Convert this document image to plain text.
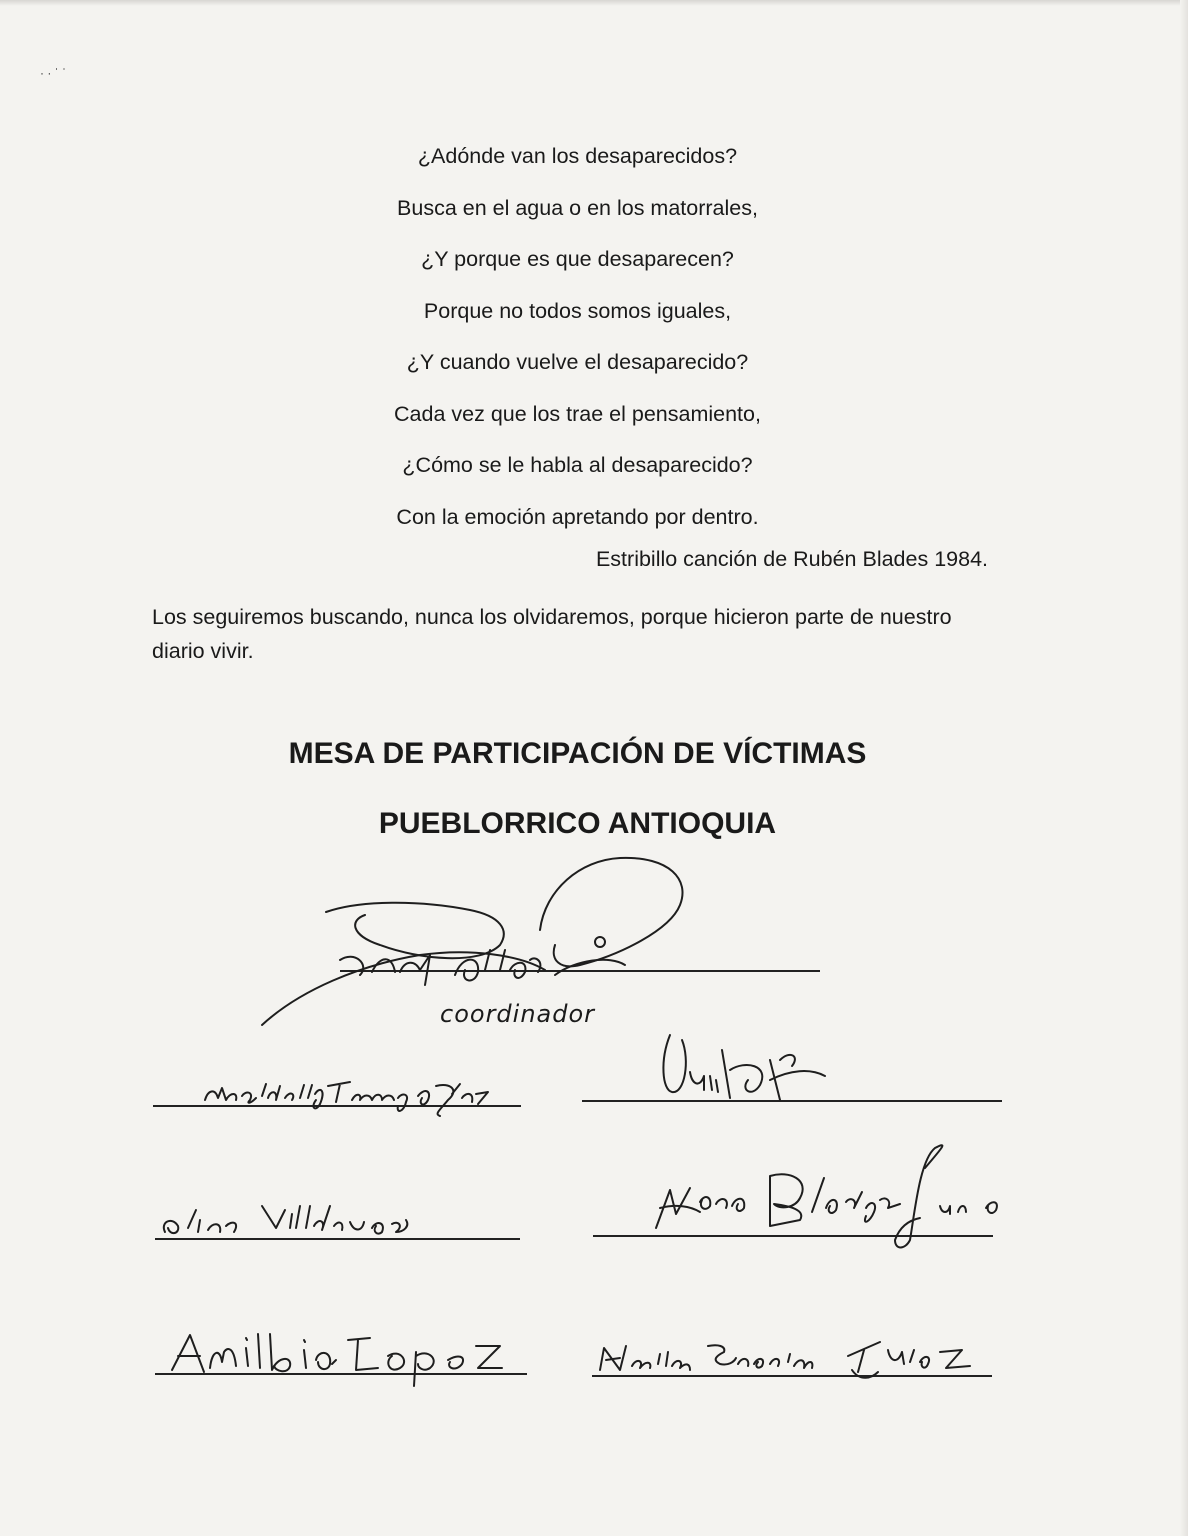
· · ˈ ˈ
¿Adónde van los desaparecidos?
Busca en el agua o en los matorrales,
¿Y porque es que desaparecen?
Porque no todos somos iguales,
¿Y cuando vuelve el desaparecido?
Cada vez que los trae el pensamiento,
¿Cómo se le habla al desaparecido?
Con la emoción apretando por dentro.
Estribillo canción de Rubén Blades 1984.
Los seguiremos buscando, nunca los olvidaremos, porque hicieron parte de nuestro diario vivir.
MESA DE PARTICIPACIÓN DE VÍCTIMAS
PUEBLORRICO ANTIOQUIA
coordinador
